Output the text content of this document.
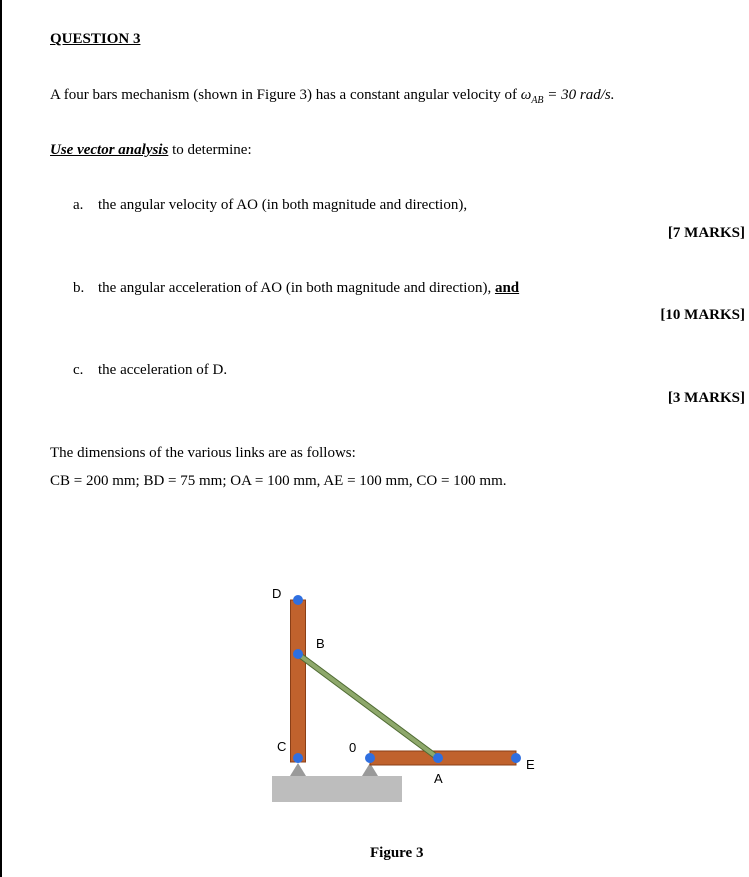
QUESTION 3
A four bars mechanism (shown in Figure 3) has a constant angular velocity of $\omega_{AB} = 30$ rad/s.
Use vector analysis to determine:
a. the angular velocity of AO (in both magnitude and direction),
[7 MARKS]
b. the angular acceleration of AO (in both magnitude and direction), and
[10 MARKS]
c. the acceleration of D.
[3 MARKS]
The dimensions of the various links are as follows:
CB = 200 mm; BD = 75 mm; OA = 100 mm, AE = 100 mm, CO = 100 mm.
D
B
C	0
A
E
Figure 3
